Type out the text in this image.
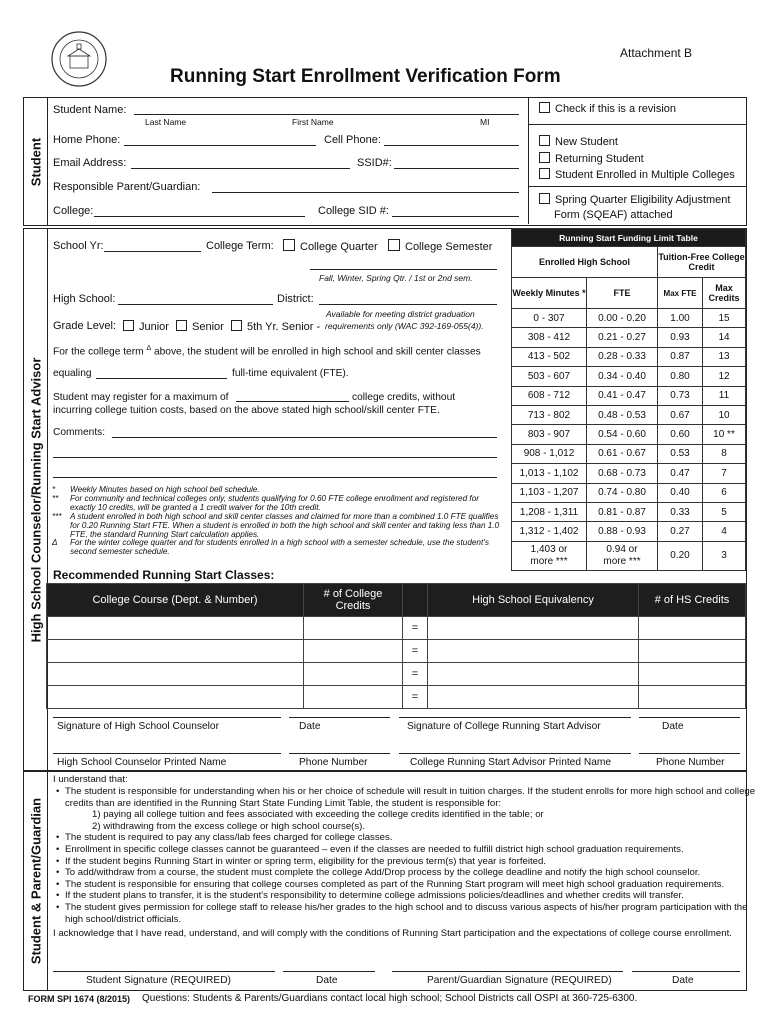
Attachment B
Running Start Enrollment Verification Form
Student
Student Name:
Last Name	First Name	MI
Home Phone:	Cell Phone:
Email Address:	SSID#:
Responsible Parent/Guardian:
College:	College SID #:
Check if this is a revision
New Student
Returning Student
Student Enrolled in Multiple Colleges
Spring Quarter Eligibility Adjustment
Form (SQEAF) attached
High School Counselor/Running Start Advisor
School Yr:	College Term:	College Quarter	College Semester
Fall, Winter, Spring Qtr. / 1st or 2nd sem.
High School:	District:
Available for meeting district graduation
Grade Level:	Junior	Senior	5th Yr. Senior - requirements only (WAC 392-169-055(4)).
For the college term $^\Delta$ above, the student will be enrolled in high school and skill center classes
equaling	full-time equivalent (FTE).
Student may register for a maximum of	college credits, without
incurring college tuition costs, based on the above stated high school/skill center FTE.
Comments:
*	Weekly Minutes based on high school bell schedule.
**	For community and technical colleges only, students qualifying for 0.60 FTE college enrollment and registered for exactly 10 credits, will be granted a 1 credit waiver for the 10th credit.
***	A student enrolled in both high school and skill center classes and claimed for more than a combined 1.0 FTE qualifies for 0.20 Running Start FTE. When a student is enrolled in both the high school and skill center and taking less than 1.0 FTE, the standard Running Start calculation applies.
Δ	For the winter college quarter and for students enrolled in a high school with a semester schedule, use the student's second semester schedule.
Running Start Funding Limit Table			
Enrolled High School		Tuition-Free College Credit	
Weekly Minutes *	FTE	Max FTE	Max Credits
0 - 307	0.00 - 0.20	1.00	15
308 - 412	0.21 - 0.27	0.93	14
413 - 502	0.28 - 0.33	0.87	13
503 - 607	0.34 - 0.40	0.80	12
608 - 712	0.41 - 0.47	0.73	11
713 - 802	0.48 - 0.53	0.67	10
803 - 907	0.54 - 0.60	0.60	10 **
908 - 1,012	0.61 - 0.67	0.53	8
1,013 - 1,102	0.68 - 0.73	0.47	7
1,103 - 1,207	0.74 - 0.80	0.40	6
1,208 - 1,311	0.81 - 0.87	0.33	5
1,312 - 1,402	0.88 - 0.93	0.27	4
1,403 or
more ***	0.94 or
more ***	0.20	3
Recommended Running Start Classes:
College Course (Dept. & Number)	# of College Credits		High School Equivalency	# of HS Credits
		=		
		=		
		=		
		=		
Signature of High School Counselor	Date	Signature of College Running Start Advisor	Date
High School Counselor Printed Name	Phone Number	College Running Start Advisor Printed Name	Phone Number
Student & Parent/Guardian
I understand that:
• The student is responsible for understanding when his or her choice of schedule will result in tuition charges. If the student enrolls for more high school and college credits than are identified in the Running Start State Funding Limit Table, the student is responsible for:
1) paying all college tuition and fees associated with exceeding the college credits identified in the table; or
2) withdrawing from the excess college or high school course(s).
• The student is required to pay any class/lab fees charged for college classes.
• Enrollment in specific college classes cannot be guaranteed – even if the classes are needed to fulfill district high school graduation requirements.
• If the student begins Running Start in winter or spring term, eligibility for the previous term(s) that year is forfeited.
• To add/withdraw from a course, the student must complete the college Add/Drop process by the college deadline and notify the high school counselor.
• The student is responsible for ensuring that college courses completed as part of the Running Start program will meet high school graduation requirements.
• If the student plans to transfer, it is the student's responsibility to determine college admissions policies/deadlines and whether credits will transfer.
• The student gives permission for college staff to release his/her grades to the high school and to discuss various aspects of his/her program participation with the high school/district officials.
I acknowledge that I have read, understand, and will comply with the conditions of Running Start participation and the expectations of college course enrollment.
Student Signature (REQUIRED)	Date	Parent/Guardian Signature (REQUIRED)	Date
FORM SPI 1674 (8/2015) Questions: Students & Parents/Guardians contact local high school; School Districts call OSPI at 360-725-6300.
